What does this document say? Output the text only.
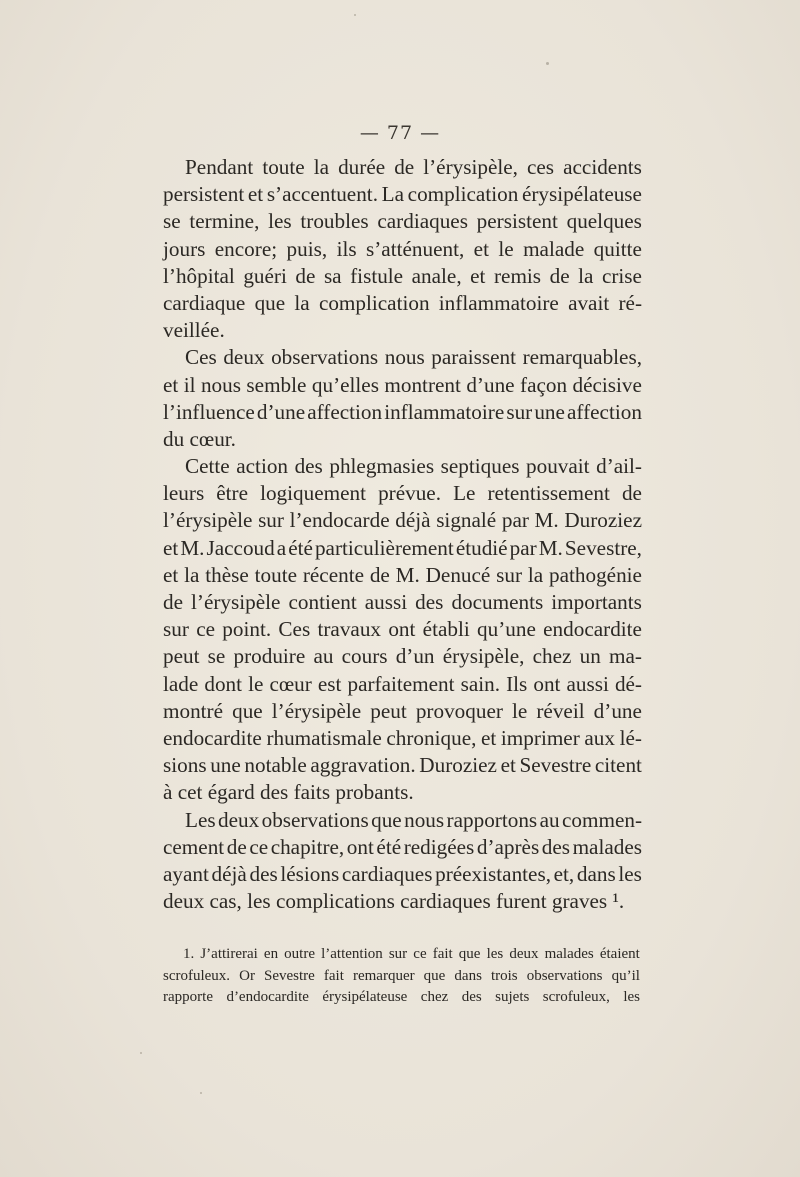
— 77 —
Pendant toute la durée de l’érysipèle, ces accidents
persistent et s’accentuent. La complication érysipélateuse
se termine, les troubles cardiaques persistent quelques
jours encore; puis, ils s’atténuent, et le malade quitte
l’hôpital guéri de sa fistule anale, et remis de la crise
cardiaque que la complication inflammatoire avait ré-
veillée.
Ces deux observations nous paraissent remarquables,
et il nous semble qu’elles montrent d’une façon décisive
l’influence d’une affection inflammatoire sur une affection
du cœur.
Cette action des phlegmasies septiques pouvait d’ail-
leurs être logiquement prévue. Le retentissement de
l’érysipèle sur l’endocarde déjà signalé par M. Duroziez
et M. Jaccoud a été particulièrement étudié par M. Sevestre,
et la thèse toute récente de M. Denucé sur la pathogénie
de l’érysipèle contient aussi des documents importants
sur ce point. Ces travaux ont établi qu’une endocardite
peut se produire au cours d’un érysipèle, chez un ma-
lade dont le cœur est parfaitement sain. Ils ont aussi dé-
montré que l’érysipèle peut provoquer le réveil d’une
endocardite rhumatismale chronique, et imprimer aux lé-
sions une notable aggravation. Duroziez et Sevestre citent
à cet égard des faits probants.
Les deux observations que nous rapportons au commen-
cement de ce chapitre, ont été redigées d’après des malades
ayant déjà des lésions cardiaques préexistantes, et, dans les
deux cas, les complications cardiaques furent graves ¹.
1. J’attirerai en outre l’attention sur ce fait que les deux malades étaient
scrofuleux. Or Sevestre fait remarquer que dans trois observations qu’il
rapporte d’endocardite érysipélateuse chez des sujets scrofuleux, les
